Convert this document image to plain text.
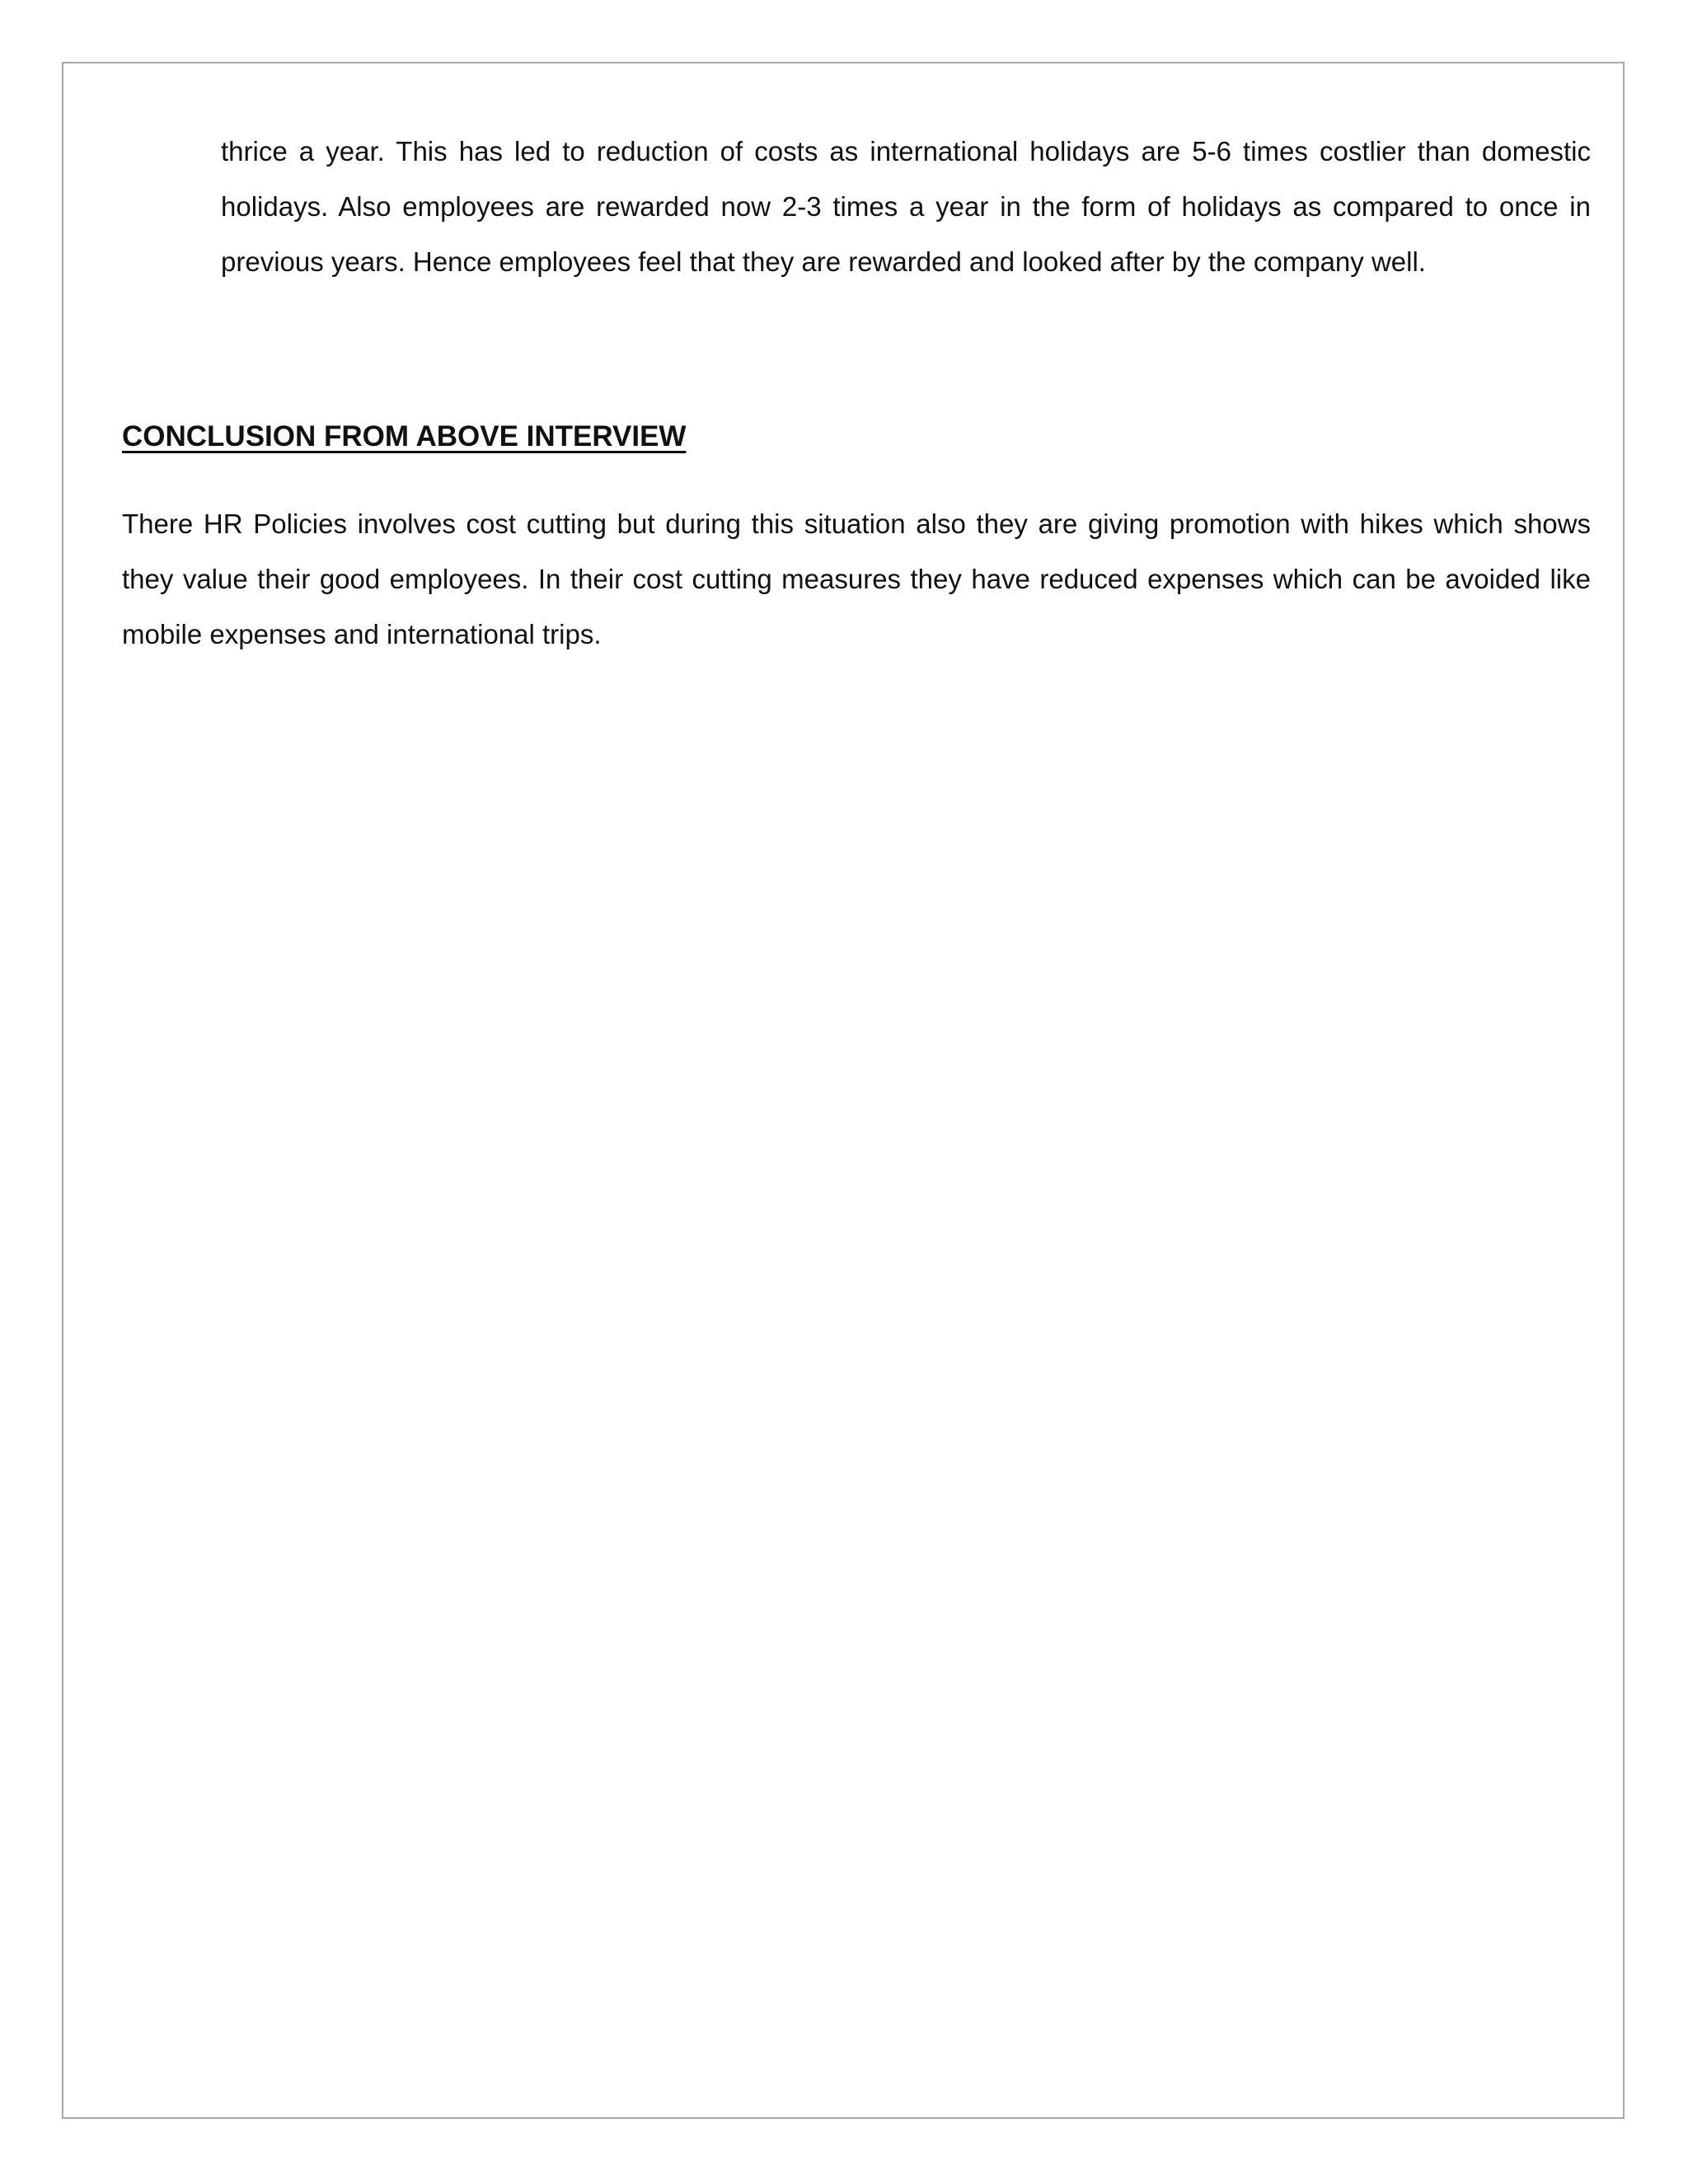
thrice a year. This has led to reduction of costs as international holidays are 5-6 times costlier than domestic holidays. Also employees are rewarded now 2-3 times a year in the form of holidays as compared to once in previous years. Hence employees feel that they are rewarded and looked after by the company well.

CONCLUSION FROM ABOVE INTERVIEW

There HR Policies involves cost cutting but during this situation also they are giving promotion with hikes which shows they value their good employees. In their cost cutting measures they have reduced expenses which can be avoided like mobile expenses and international trips.
